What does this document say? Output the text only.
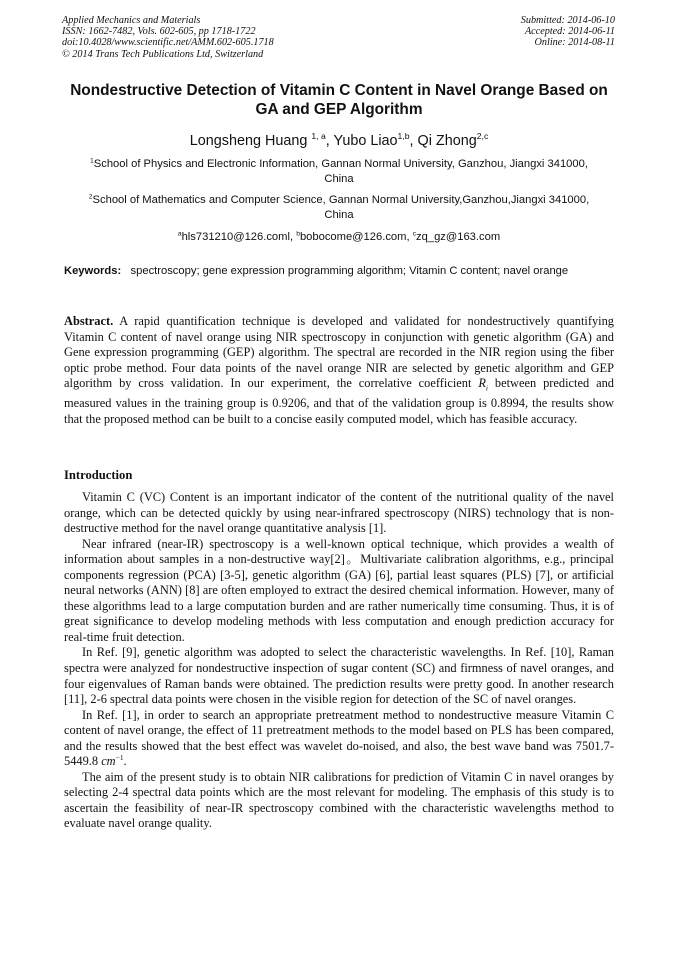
Applied Mechanics and Materials
ISSN: 1662-7482, Vols. 602-605, pp 1718-1722
doi:10.4028/www.scientific.net/AMM.602-605.1718
© 2014 Trans Tech Publications Ltd, Switzerland
Submitted: 2014-06-10
Accepted: 2014-06-11
Online: 2014-08-11
Nondestructive Detection of Vitamin C Content in Navel Orange Based on GA and GEP Algorithm
Longsheng Huang $^{1, a}$, Yubo Liao$^{1,b}$, Qi Zhong$^{2,c}$
$^1$School of Physics and Electronic Information, Gannan Normal University, Ganzhou, Jiangxi 341000, China
$^2$School of Mathematics and Computer Science, Gannan Normal University,Ganzhou,Jiangxi 341000, China
$^a$hls731210@126.coml, $^b$bobocome@126.com, $^c$zq_gz@163.com
Keywords: spectroscopy; gene expression programming algorithm; Vitamin C content; navel orange
Abstract. A rapid quantification technique is developed and validated for nondestructively quantifying Vitamin C content of navel orange using NIR spectroscopy in conjunction with genetic algorithm (GA) and Gene expression programming (GEP) algorithm. The spectral are recorded in the NIR region using the fiber optic probe method. Four data points of the navel orange NIR are selected by genetic algorithm and GEP algorithm by cross validation. In our experiment, the correlative coefficient $R_i$ between predicted and measured values in the training group is 0.9206, and that of the validation group is 0.8994, the results show that the proposed method can be built to a concise easily computed model, which has feasible accuracy.
Introduction

Vitamin C (VC) Content is an important indicator of the content of the nutritional quality of the navel orange, which can be detected quickly by using near-infrared spectroscopy (NIRS) technology that is non-destructive method for the navel orange quantitative analysis [1].

Near infrared (near-IR) spectroscopy is a well-known optical technique, which provides a wealth of information about samples in a non-destructive way[2]。Multivariate calibration algorithms, e.g., principal components regression (PCA) [3-5], genetic algorithm (GA) [6], partial least squares (PLS) [7], or artificial neural networks (ANN) [8] are often employed to extract the desired chemical information. However, many of these algorithms lead to a large computation burden and are rather numerically time consuming. Thus, it is of great significance to develop modeling methods with less computation and enough prediction accuracy for real-time fruit detection.

In Ref. [9], genetic algorithm was adopted to select the characteristic wavelengths. In Ref. [10], Raman spectra were analyzed for nondestructive inspection of sugar content (SC) and firmness of navel oranges, and four eigenvalues of Raman bands were obtained. The prediction results were pretty good. In another research [11], 2-6 spectral data points were chosen in the visible region for detection of the SC of navel oranges.

In Ref. [1], in order to search an appropriate pretreatment method to nondestructive measure Vitamin C content of navel orange, the effect of 11 pretreatment methods to the model based on PLS has been compared, and the results showed that the best effect was wavelet do-noised, and also, the best wave band was 7501.7-5449.8 $cm^{-1}$.

The aim of the present study is to obtain NIR calibrations for prediction of Vitamin C in navel oranges by selecting 2-4 spectral data points which are the most relevant for modeling. The emphasis of this study is to ascertain the feasibility of near-IR spectroscopy combined with the characteristic wavelengths method to evaluate navel orange quality.
